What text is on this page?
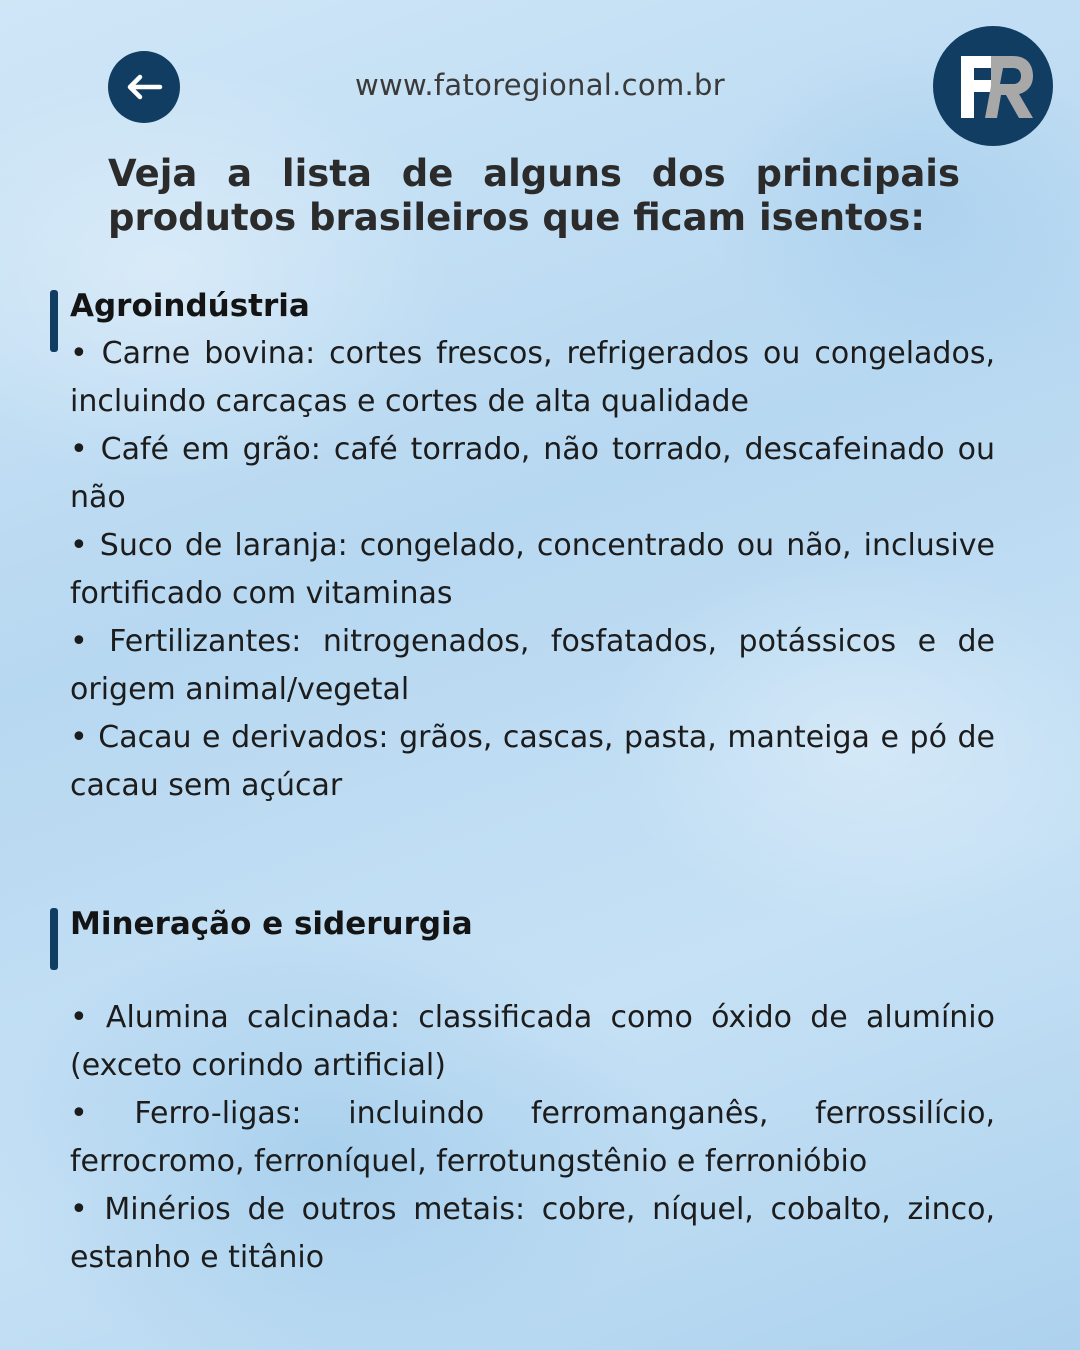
www.fatoregional.com.br
Veja a lista de alguns dos principais produtos brasileiros que ficam isentos:
Agroindústria
• Carne bovina: cortes frescos, refrigerados ou congelados, incluindo carcaças e cortes de alta qualidade
• Café em grão: café torrado, não torrado, descafeinado ou não
• Suco de laranja: congelado, concentrado ou não, inclusive fortificado com vitaminas
• Fertilizantes: nitrogenados, fosfatados, potássicos e de origem animal/vegetal
• Cacau e derivados: grãos, cascas, pasta, manteiga e pó de cacau sem açúcar
Mineração e siderurgia
• Alumina calcinada: classificada como óxido de alumínio (exceto corindo artificial)
• Ferro-ligas: incluindo ferromanganês, ferrossilício, ferrocromo, ferroníquel, ferrotungstênio e ferroniόbio
• Minérios de outros metais: cobre, níquel, cobalto, zinco, estanho e titânio
